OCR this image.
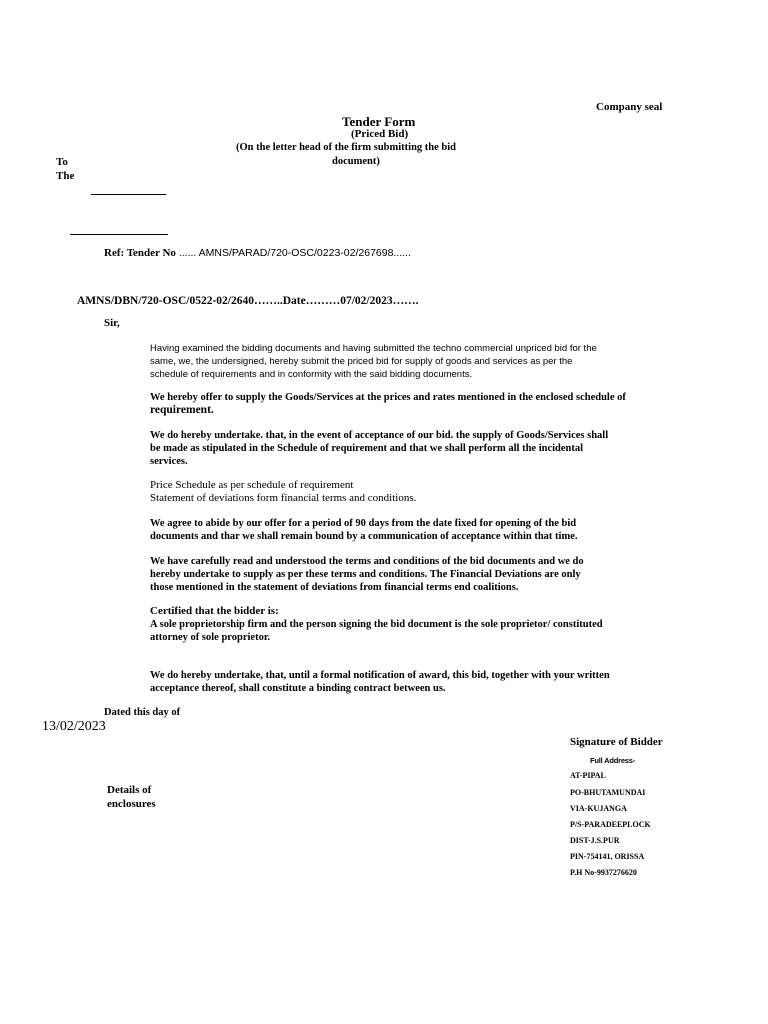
Company seal
Tender Form
(Priced Bid)
(On the letter head of the firm submitting the bid
document)
To
The
Ref: Tender No ...... AMNS/PARAD/720-OSC/0223-02/267698......
AMNS/DBN/720-OSC/0522-02/2640……..Date………07/02/2023…….
Sir,
Having examined the bidding documents and having submitted the techno commercial unpriced bid for the
same, we, the undersigned, hereby submit the priced bid for supply of goods and services as per the
schedule of requirements and in conformity with the said bidding documents.
We hereby offer to supply the Goods/Services at the prices and rates mentioned in the enclosed schedule of
requirement.
We do hereby undertake. that, in the event of acceptance of our bid. the supply of Goods/Services shall
be made as stipulated in the Schedule of requirement and that we shall perform all the incidental
services.
Price Schedule as per schedule of requirement
Statement of deviations form financial terms and conditions.
We agree to abide by our offer for a period of 90 days from the date fixed for opening of the bid
documents and thar we shall remain bound by a communication of acceptance within that time.
We have carefully read and understood the terms and conditions of the bid documents and we do
hereby undertake to supply as per these terms and conditions. The Financial Deviations are only
those mentioned in the statement of deviations from financial terms end coalitions.
Certified that the bidder is:
A sole proprietorship firm and the person signing the bid document is the sole proprietor/ constituted
attorney of sole proprietor.
We do hereby undertake, that, until a formal notification of award, this bid, together with your written
acceptance thereof, shall constitute a binding contract between us.
Dated this day of
13/02/2023
Signature of Bidder
Full Address-
Details of
enclosures
AT-PIPAL
PO-BHUTAMUNDAI
VIA-KUJANGA
P/S-PARADEEPLOCK
DIST-J.S.PUR
PIN-754141, ORISSA
P.H No-9937276620
